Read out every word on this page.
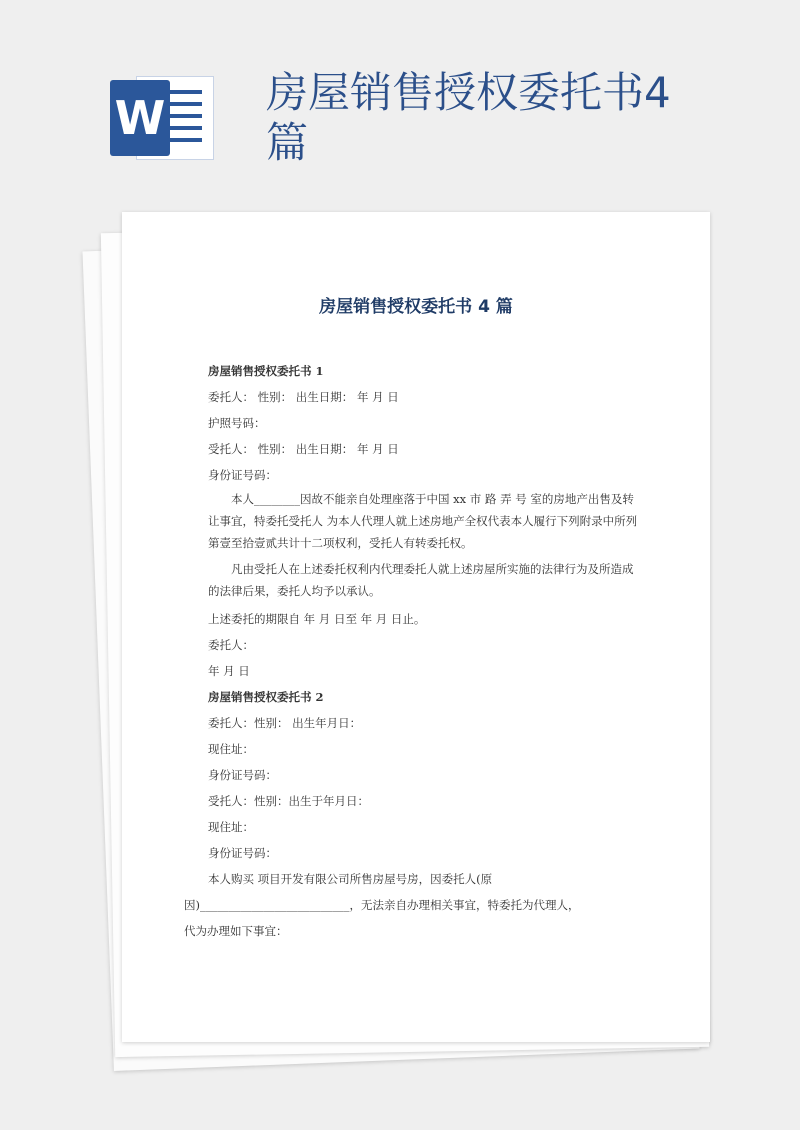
W 房屋销售授权委托书4篇
房屋销售授权委托书 4 篇

房屋销售授权委托书 1

委托人： 性别： 出生日期： 年 月 日

护照号码：

受托人： 性别： 出生日期： 年 月 日

身份证号码：

本人________因故不能亲自处理座落于中国 xx 市 路 弄 号 室的房地产出售及转让事宜，特委托受托人 为本人代理人就上述房地产全权代表本人履行下列附录中所列第壹至拾壹贰共计十二项权利，受托人有转委托权。

凡由受托人在上述委托权利内代理委托人就上述房屋所实施的法律行为及所造成的法律后果，委托人均予以承认。

上述委托的期限自 年 月 日至 年 月 日止。

委托人：

年 月 日

房屋销售授权委托书 2

委托人：性别： 出生年月日：

现住址：

身份证号码：

受托人：性别：出生于年月日：

现住址：

身份证号码：

本人购买 项目开发有限公司所售房屋号房，因委托人(原

因)__________________________，无法亲自办理相关事宜，特委托为代理人，

代为办理如下事宜：
